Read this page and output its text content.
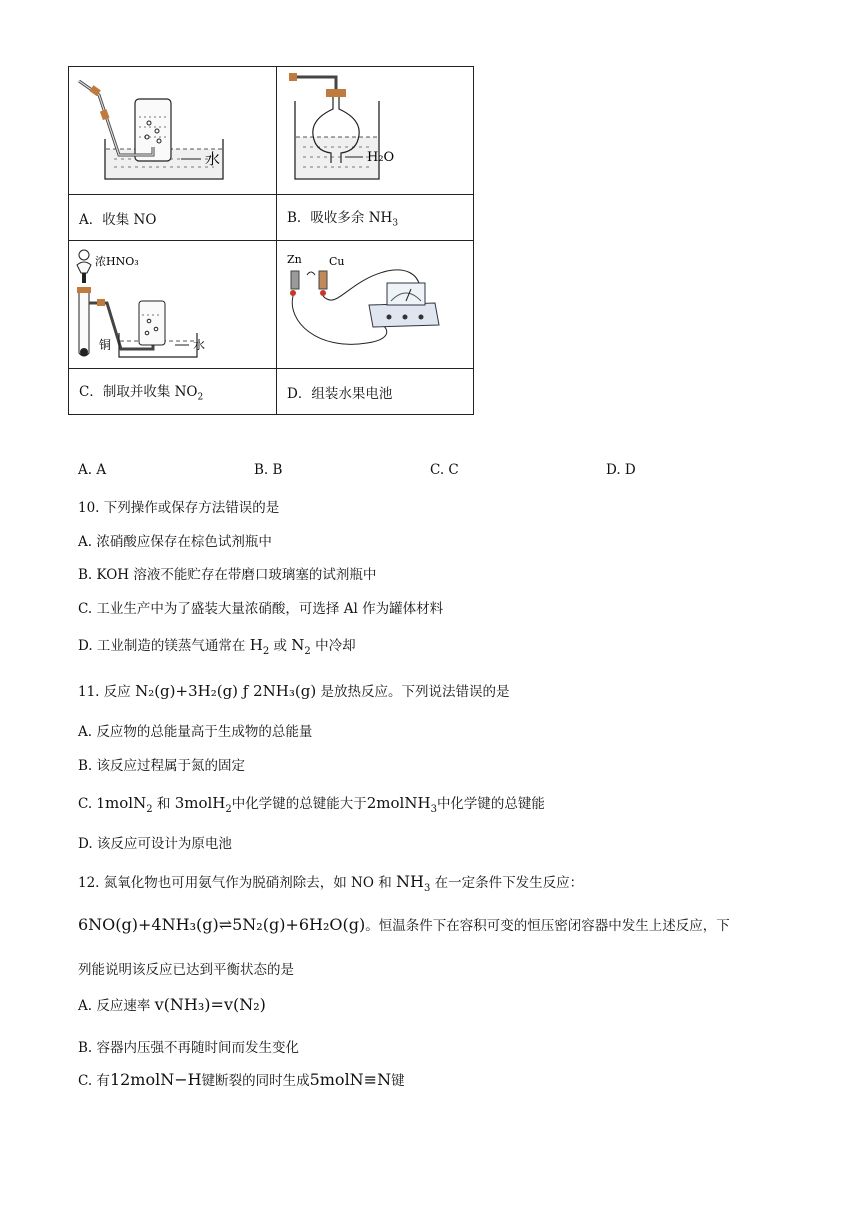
水	H₂O

A．收集 NO	B．吸收多余 $NH_3$

浓HNO₃
铜 水	Zn Cu

C．制取并收集 $NO_2$	D．组装水果电池
A. A	B. B	C. C	D. D
10. 下列操作或保存方法错误的是
A. 浓硝酸应保存在棕色试剂瓶中
B. KOH 溶液不能贮存在带磨口玻璃塞的试剂瓶中
C. 工业生产中为了盛装大量浓硝酸，可选择 Al 作为罐体材料
D. 工业制造的镁蒸气通常在 $H_2$ 或 $N_2$ 中冷却
11. 反应 N₂(g)+3H₂(g) ƒ 2NH₃(g) 是放热反应。下列说法错误的是
A. 反应物的总能量高于生成物的总能量
B. 该反应过程属于氮的固定
C. 1molN$_2$ 和 3molH$_2$中化学键的总键能大于2molNH$_3$中化学键的总键能
D. 该反应可设计为原电池
12. 氮氧化物也可用氨气作为脱硝剂除去，如 NO 和 $NH_3$ 在一定条件下发生反应：
6NO(g)+4NH₃(g)⇌5N₂(g)+6H₂O(g)。恒温条件下在容积可变的恒压密闭容器中发生上述反应，下
列能说明该反应已达到平衡状态的是
A. 反应速率 v(NH₃)=v(N₂)
B. 容器内压强不再随时间而发生变化
C. 有12molN−H键断裂的同时生成5molN≡N键
